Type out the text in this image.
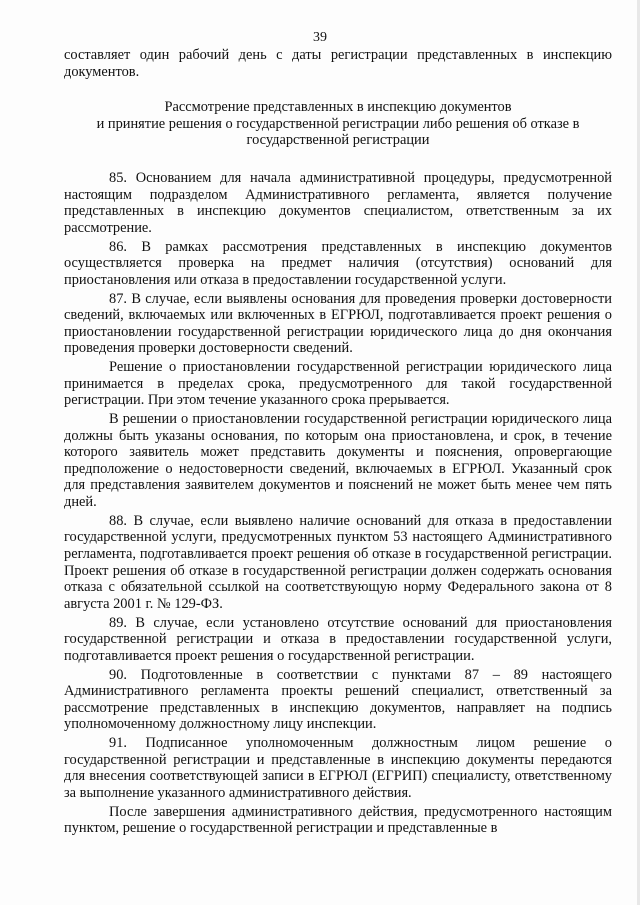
39
составляет один рабочий день с даты регистрации представленных в инспекцию документов.
Рассмотрение представленных в инспекцию документов
и принятие решения о государственной регистрации либо решения об отказе в
государственной регистрации

85. Основанием для начала административной процедуры, предусмотренной настоящим подразделом Административного регламента, является получение представленных в инспекцию документов специалистом, ответственным за их рассмотрение.

86. В рамках рассмотрения представленных в инспекцию документов осуществляется проверка на предмет наличия (отсутствия) оснований для приостановления или отказа в предоставлении государственной услуги.

87. В случае, если выявлены основания для проведения проверки достоверности сведений, включаемых или включенных в ЕГРЮЛ, подготавливается проект решения о приостановлении государственной регистрации юридического лица до дня окончания проведения проверки достоверности сведений.

Решение о приостановлении государственной регистрации юридического лица принимается в пределах срока, предусмотренного для такой государственной регистрации. При этом течение указанного срока прерывается.

В решении о приостановлении государственной регистрации юридического лица должны быть указаны основания, по которым она приостановлена, и срок, в течение которого заявитель может представить документы и пояснения, опровергающие предположение о недостоверности сведений, включаемых в ЕГРЮЛ. Указанный срок для представления заявителем документов и пояснений не может быть менее чем пять дней.

88. В случае, если выявлено наличие оснований для отказа в предоставлении государственной услуги, предусмотренных пунктом 53 настоящего Административного регламента, подготавливается проект решения об отказе в государственной регистрации. Проект решения об отказе в государственной регистрации должен содержать основания отказа с обязательной ссылкой на соответствующую норму Федерального закона от 8 августа 2001 г. № 129-ФЗ.

89. В случае, если установлено отсутствие оснований для приостановления государственной регистрации и отказа в предоставлении государственной услуги, подготавливается проект решения о государственной регистрации.

90. Подготовленные в соответствии с пунктами 87 – 89 настоящего Административного регламента проекты решений специалист, ответственный за рассмотрение представленных в инспекцию документов, направляет на подпись уполномоченному должностному лицу инспекции.

91. Подписанное уполномоченным должностным лицом решение о государственной регистрации и представленные в инспекцию документы передаются для внесения соответствующей записи в ЕГРЮЛ (ЕГРИП) специалисту, ответственному за выполнение указанного административного действия.

После завершения административного действия, предусмотренного настоящим пунктом, решение о государственной регистрации и представленные в
